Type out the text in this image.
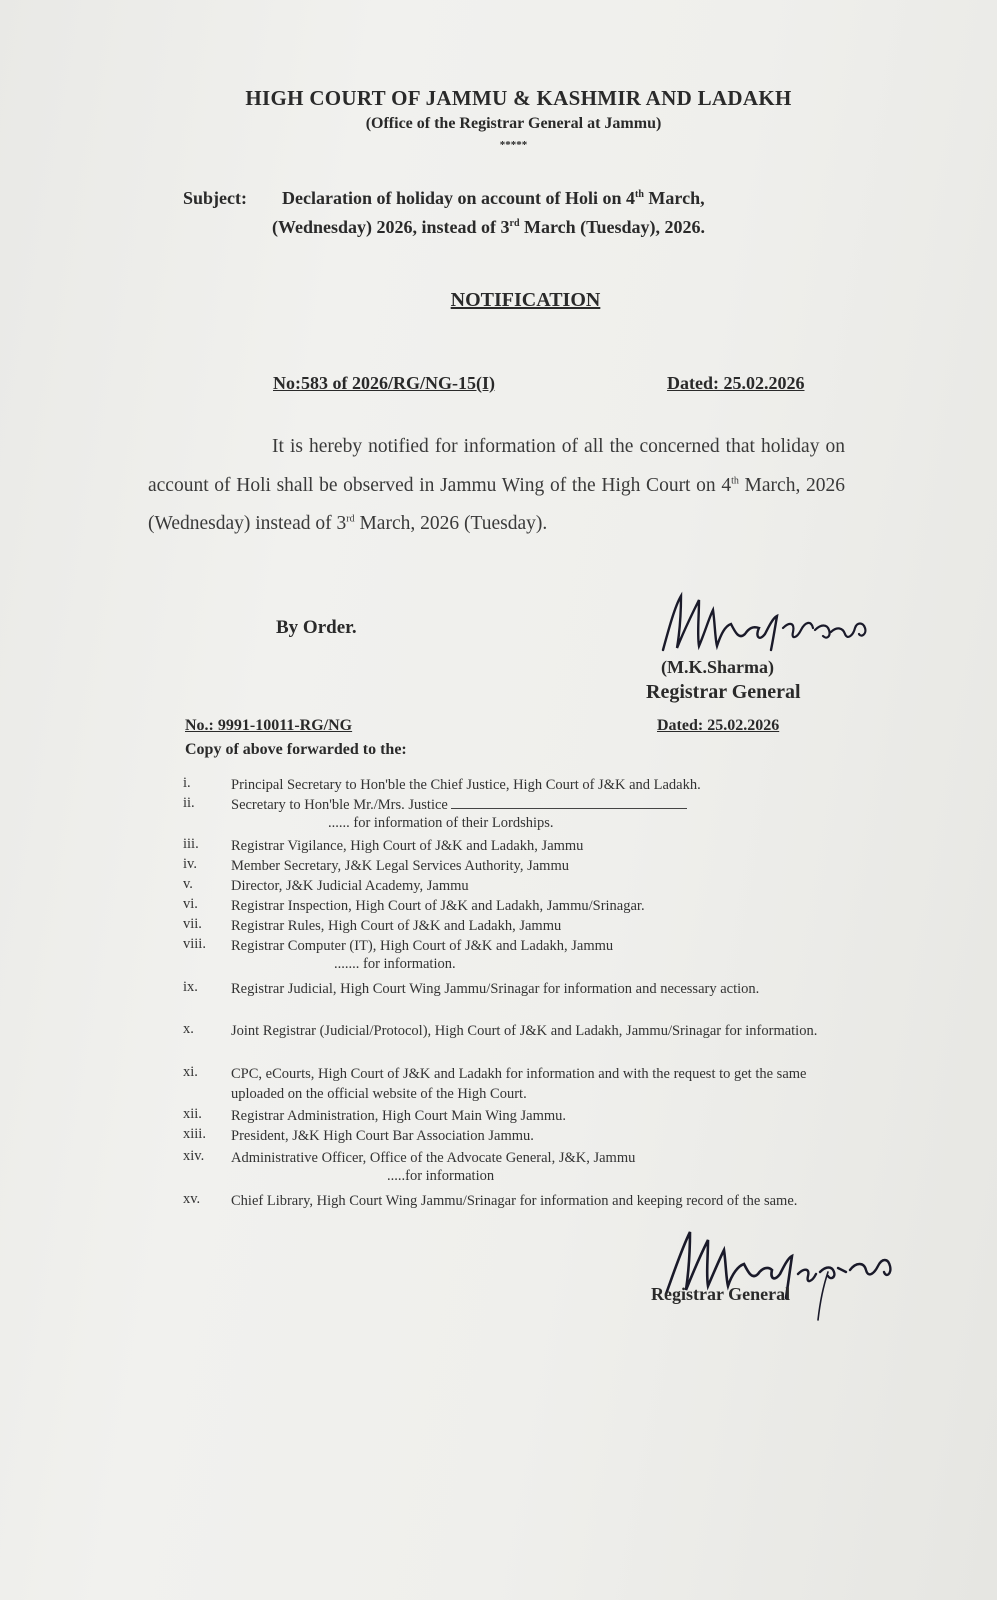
HIGH COURT OF JAMMU & KASHMIR AND LADAKH
(Office of the Registrar General at Jammu)
*****
Subject: Declaration of holiday on account of Holi on 4th March,
(Wednesday) 2026, instead of 3rd March (Tuesday), 2026.
NOTIFICATION
No:583 of 2026/RG/NG-15(I)	Dated: 25.02.2026
It is hereby notified for information of all the concerned that holiday on account of Holi shall be observed in Jammu Wing of the High Court on 4th March, 2026 (Wednesday) instead of 3rd March, 2026 (Tuesday).
By Order.
(M.K.Sharma)
Registrar General
No.: 9991-10011-RG/NG	Dated: 25.02.2026
Copy of above forwarded to the:
i.	Principal Secretary to Hon'ble the Chief Justice, High Court of J&K and Ladakh.
ii.	Secretary to Hon'ble Mr./Mrs. Justice
...... for information of their Lordships.
iii. Registrar Vigilance, High Court of J&K and Ladakh, Jammu
iv. Member Secretary, J&K Legal Services Authority, Jammu
v.	Director, J&K Judicial Academy, Jammu
vi. Registrar Inspection, High Court of J&K and Ladakh, Jammu/Srinagar.
vii. Registrar Rules, High Court of J&K and Ladakh, Jammu
viii. Registrar Computer (IT), High Court of J&K and Ladakh, Jammu
....... for information.
ix. Registrar Judicial, High Court Wing Jammu/Srinagar for information and necessary action.
x.	Joint Registrar (Judicial/Protocol), High Court of J&K and Ladakh, Jammu/Srinagar for information.
xi. CPC, eCourts, High Court of J&K and Ladakh for information and with the request to get the same uploaded on the official website of the High Court.
xii. Registrar Administration, High Court Main Wing Jammu.
xiii. President, J&K High Court Bar Association Jammu.
xiv. Administrative Officer, Office of the Advocate General, J&K, Jammu
.....for information
xv. Chief Library, High Court Wing Jammu/Srinagar for information and keeping record of the same.
Registrar General
